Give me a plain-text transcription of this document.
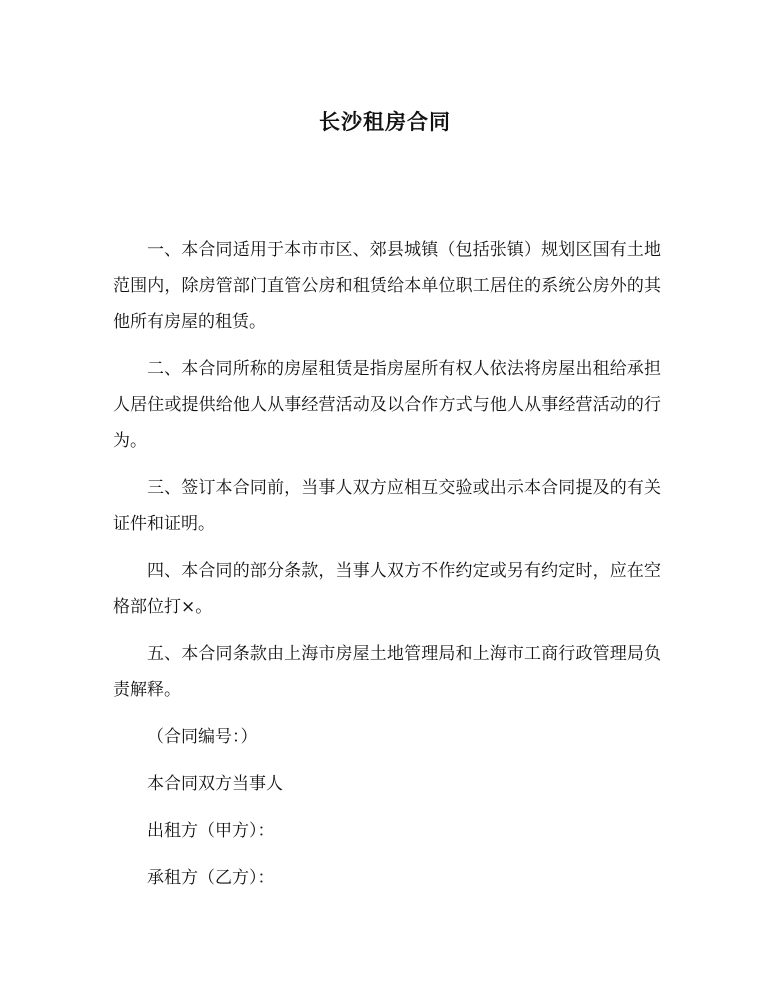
长沙租房合同

一、本合同适用于本市市区、郊县城镇（包括张镇）规划区国有土地范围内，除房管部门直管公房和租赁给本单位职工居住的系统公房外的其他所有房屋的租赁。

二、本合同所称的房屋租赁是指房屋所有权人依法将房屋出租给承担人居住或提供给他人从事经营活动及以合作方式与他人从事经营活动的行为。

三、签订本合同前，当事人双方应相互交验或出示本合同提及的有关证件和证明。

四、本合同的部分条款，当事人双方不作约定或另有约定时，应在空格部位打×。

五、本合同条款由上海市房屋土地管理局和上海市工商行政管理局负责解释。

（合同编号：）

本合同双方当事人

出租方（甲方）：

承租方（乙方）：
